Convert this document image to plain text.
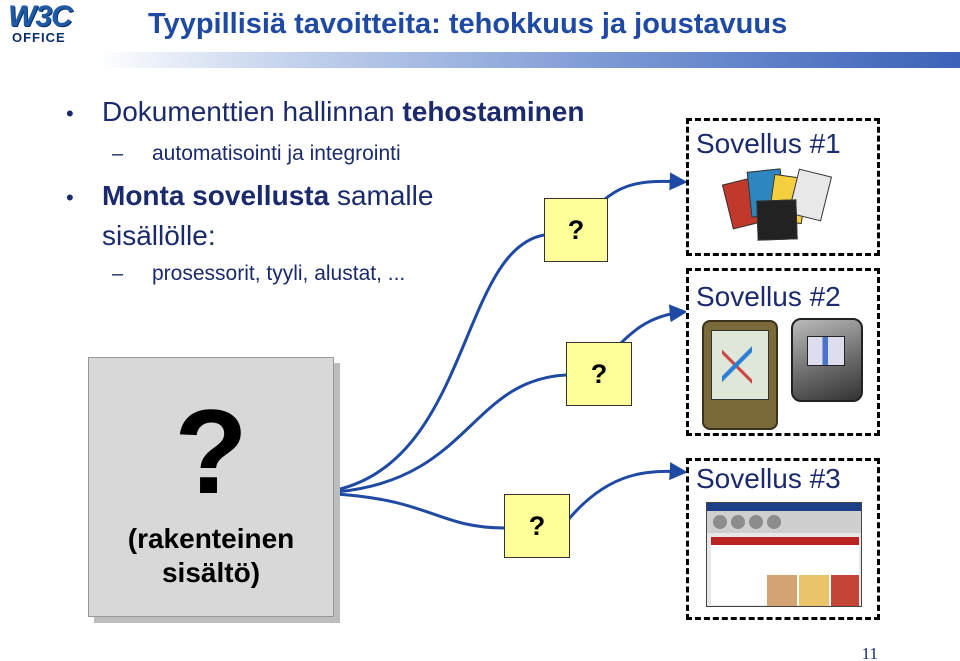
W3C
OFFICE	Tyypillisiä tavoitteita: tehokkuus ja joustavuus
•	Dokumenttien hallinnan tehostaminen
–	automatisointi ja integrointi
•	Monta sovellusta samalle
sisällölle:
–	prosessorit, tyyli, alustat, ...
?
?
?
?
(rakenteinen
sisältö)
Sovellus #1
Sovellus #2
Sovellus #3
11
